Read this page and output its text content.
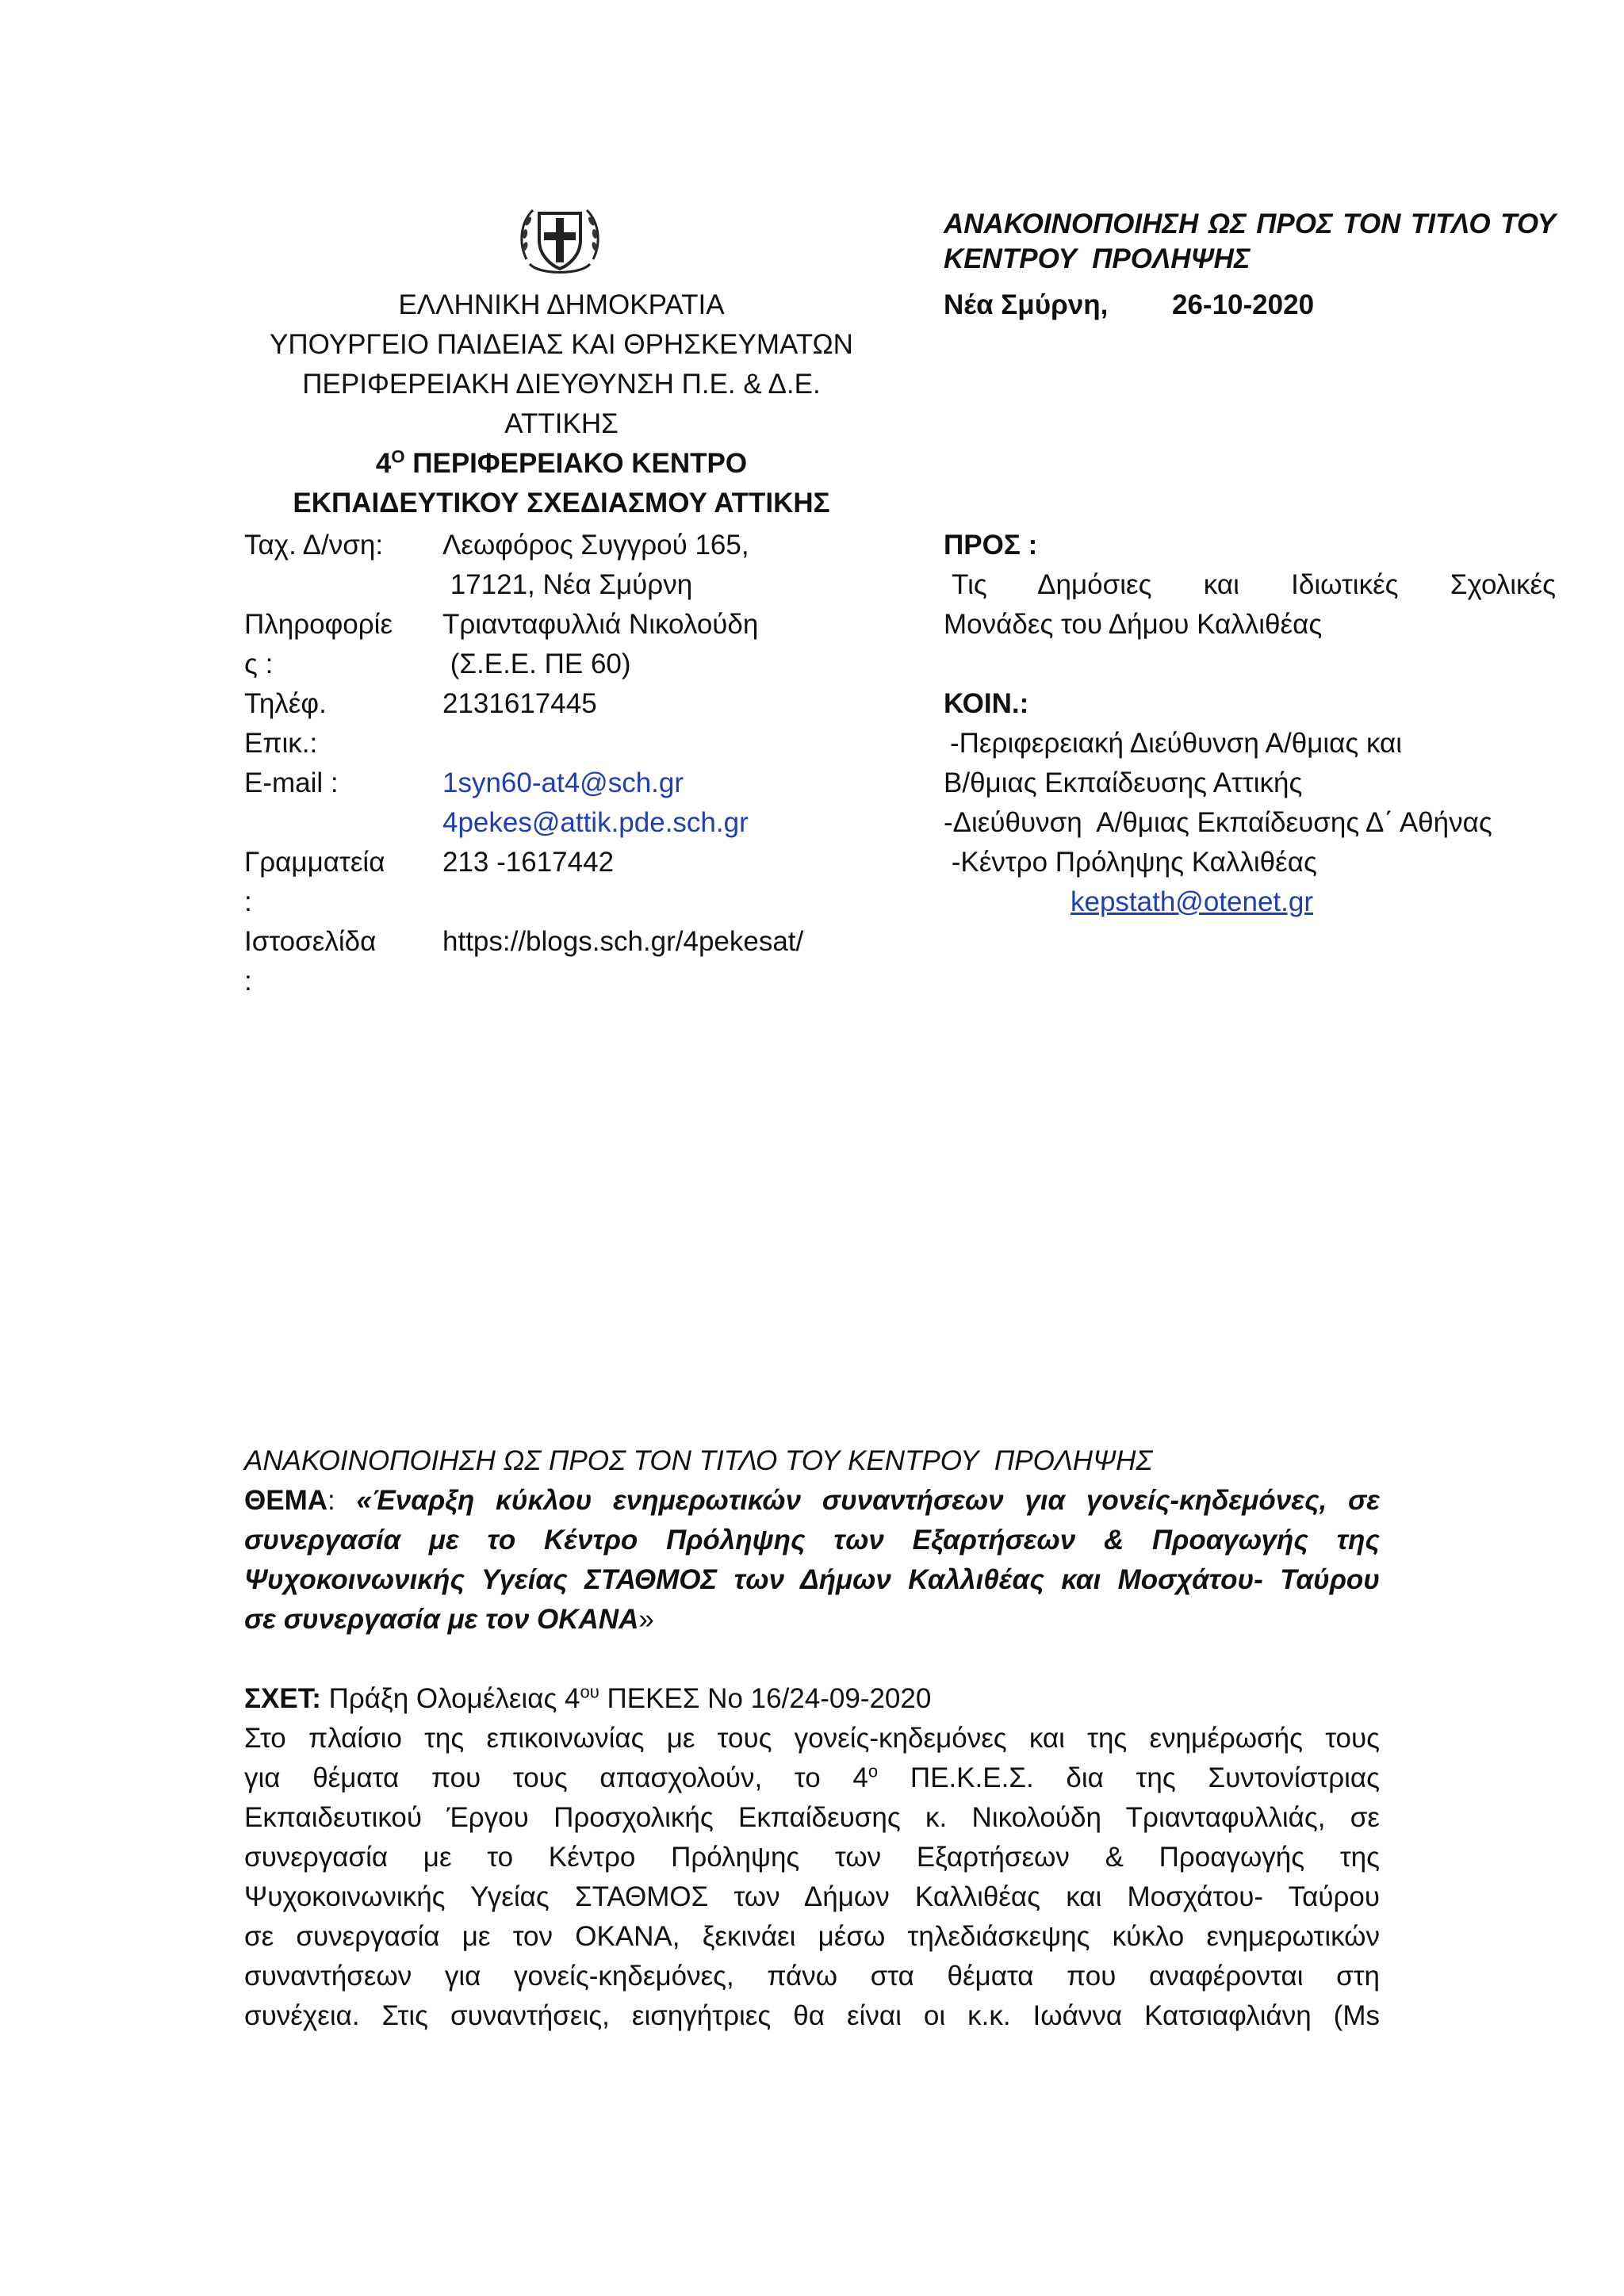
ΕΛΛΗΝΙΚΗ ΔΗΜΟΚΡΑΤΙΑ
ΥΠΟΥΡΓΕΙΟ ΠΑΙΔΕΙΑΣ ΚΑΙ ΘΡΗΣΚΕΥΜΑΤΩΝ
ΠΕΡΙΦΕΡΕΙΑΚΗ ΔΙΕΥΘΥΝΣΗ Π.Ε. & Δ.Ε.
ΑΤΤΙΚΗΣ
$4^O$ ΠΕΡΙΦΕΡΕΙΑΚΟ ΚΕΝΤΡΟ
ΕΚΠΑΙΔΕΥΤΙΚΟΥ ΣΧΕΔΙΑΣΜΟΥ ΑΤΤΙΚΗΣ
Ταχ. Δ/νση: Λεωφόρος Συγγρού 165,
17121, Νέα Σμύρνη
Πληροφορίε
ς :
Τριανταφυλλιά Νικολούδη
(Σ.Ε.Ε. ΠΕ 60)
Τηλέφ.
Επικ.:
2131617445
E-mail :	1syn60-at4@sch.gr
4pekes@attik.pde.sch.gr
Γραμματεία
:
213 -1617442
Ιστοσελίδα
:
https://blogs.sch.gr/4pekesat/
ΑΝΑΚΟΙΝΟΠΟΙΗΣΗ ΩΣ ΠΡΟΣ ΤΟΝ ΤΙΤΛΟ ΤΟΥ
ΚΕΝΤΡΟΥ  ΠΡΟΛΗΨΗΣ
Νέα Σμύρνη, 26-10-2020
ΠΡΟΣ :
Τις Δημόσιες και Ιδιωτικές Σχολικές
Μονάδες του Δήμου Καλλιθέας
ΚΟΙΝ.:
-Περιφερειακή Διεύθυνση Α/θμιας και
Β/θμιας Εκπαίδευσης Αττικής
-Διεύθυνση  Α/θμιας Εκπαίδευσης Δ΄ Αθήνας
-Κέντρο Πρόληψης Καλλιθέας
kepstath@otenet.gr
ΑΝΑΚΟΙΝΟΠΟΙΗΣΗ ΩΣ ΠΡΟΣ ΤΟΝ ΤΙΤΛΟ ΤΟΥ ΚΕΝΤΡΟΥ  ΠΡΟΛΗΨΗΣ
ΘΕΜΑ: «Έναρξη κύκλου ενημερωτικών συναντήσεων για γονείς-κηδεμόνες, σε
συνεργασία με το Κέντρο Πρόληψης των Εξαρτήσεων & Προαγωγής της
Ψυχοκοινωνικής Υγείας ΣΤΑΘΜΟΣ των Δήμων Καλλιθέας και Μοσχάτου- Ταύρου
σε συνεργασία με τον ΟΚΑΝΑ»
ΣΧΕΤ: Πράξη Ολομέλειας $4^{o\upsilon}$ ΠΕΚΕΣ Νο 16/24-09-2020
Στο πλαίσιο της επικοινωνίας με τους γονείς-κηδεμόνες και της ενημέρωσής τους
για θέματα που τους απασχολούν, το $4^o$ ΠΕ.Κ.Ε.Σ. δια της Συντονίστριας
Εκπαιδευτικού Έργου Προσχολικής Εκπαίδευσης κ. Νικολούδη Τριανταφυλλιάς, σε
συνεργασία με το Κέντρο Πρόληψης των Εξαρτήσεων & Προαγωγής της
Ψυχοκοινωνικής Υγείας ΣΤΑΘΜΟΣ των Δήμων Καλλιθέας και Μοσχάτου- Ταύρου
σε συνεργασία με τον ΟΚΑΝΑ, ξεκινάει μέσω τηλεδιάσκεψης κύκλο ενημερωτικών
συναντήσεων για γονείς-κηδεμόνες, πάνω στα θέματα που αναφέρονται στη
συνέχεια. Στις συναντήσεις, εισηγήτριες θα είναι οι κ.κ. Ιωάννα Κατσιαφλιάνη (Ms
